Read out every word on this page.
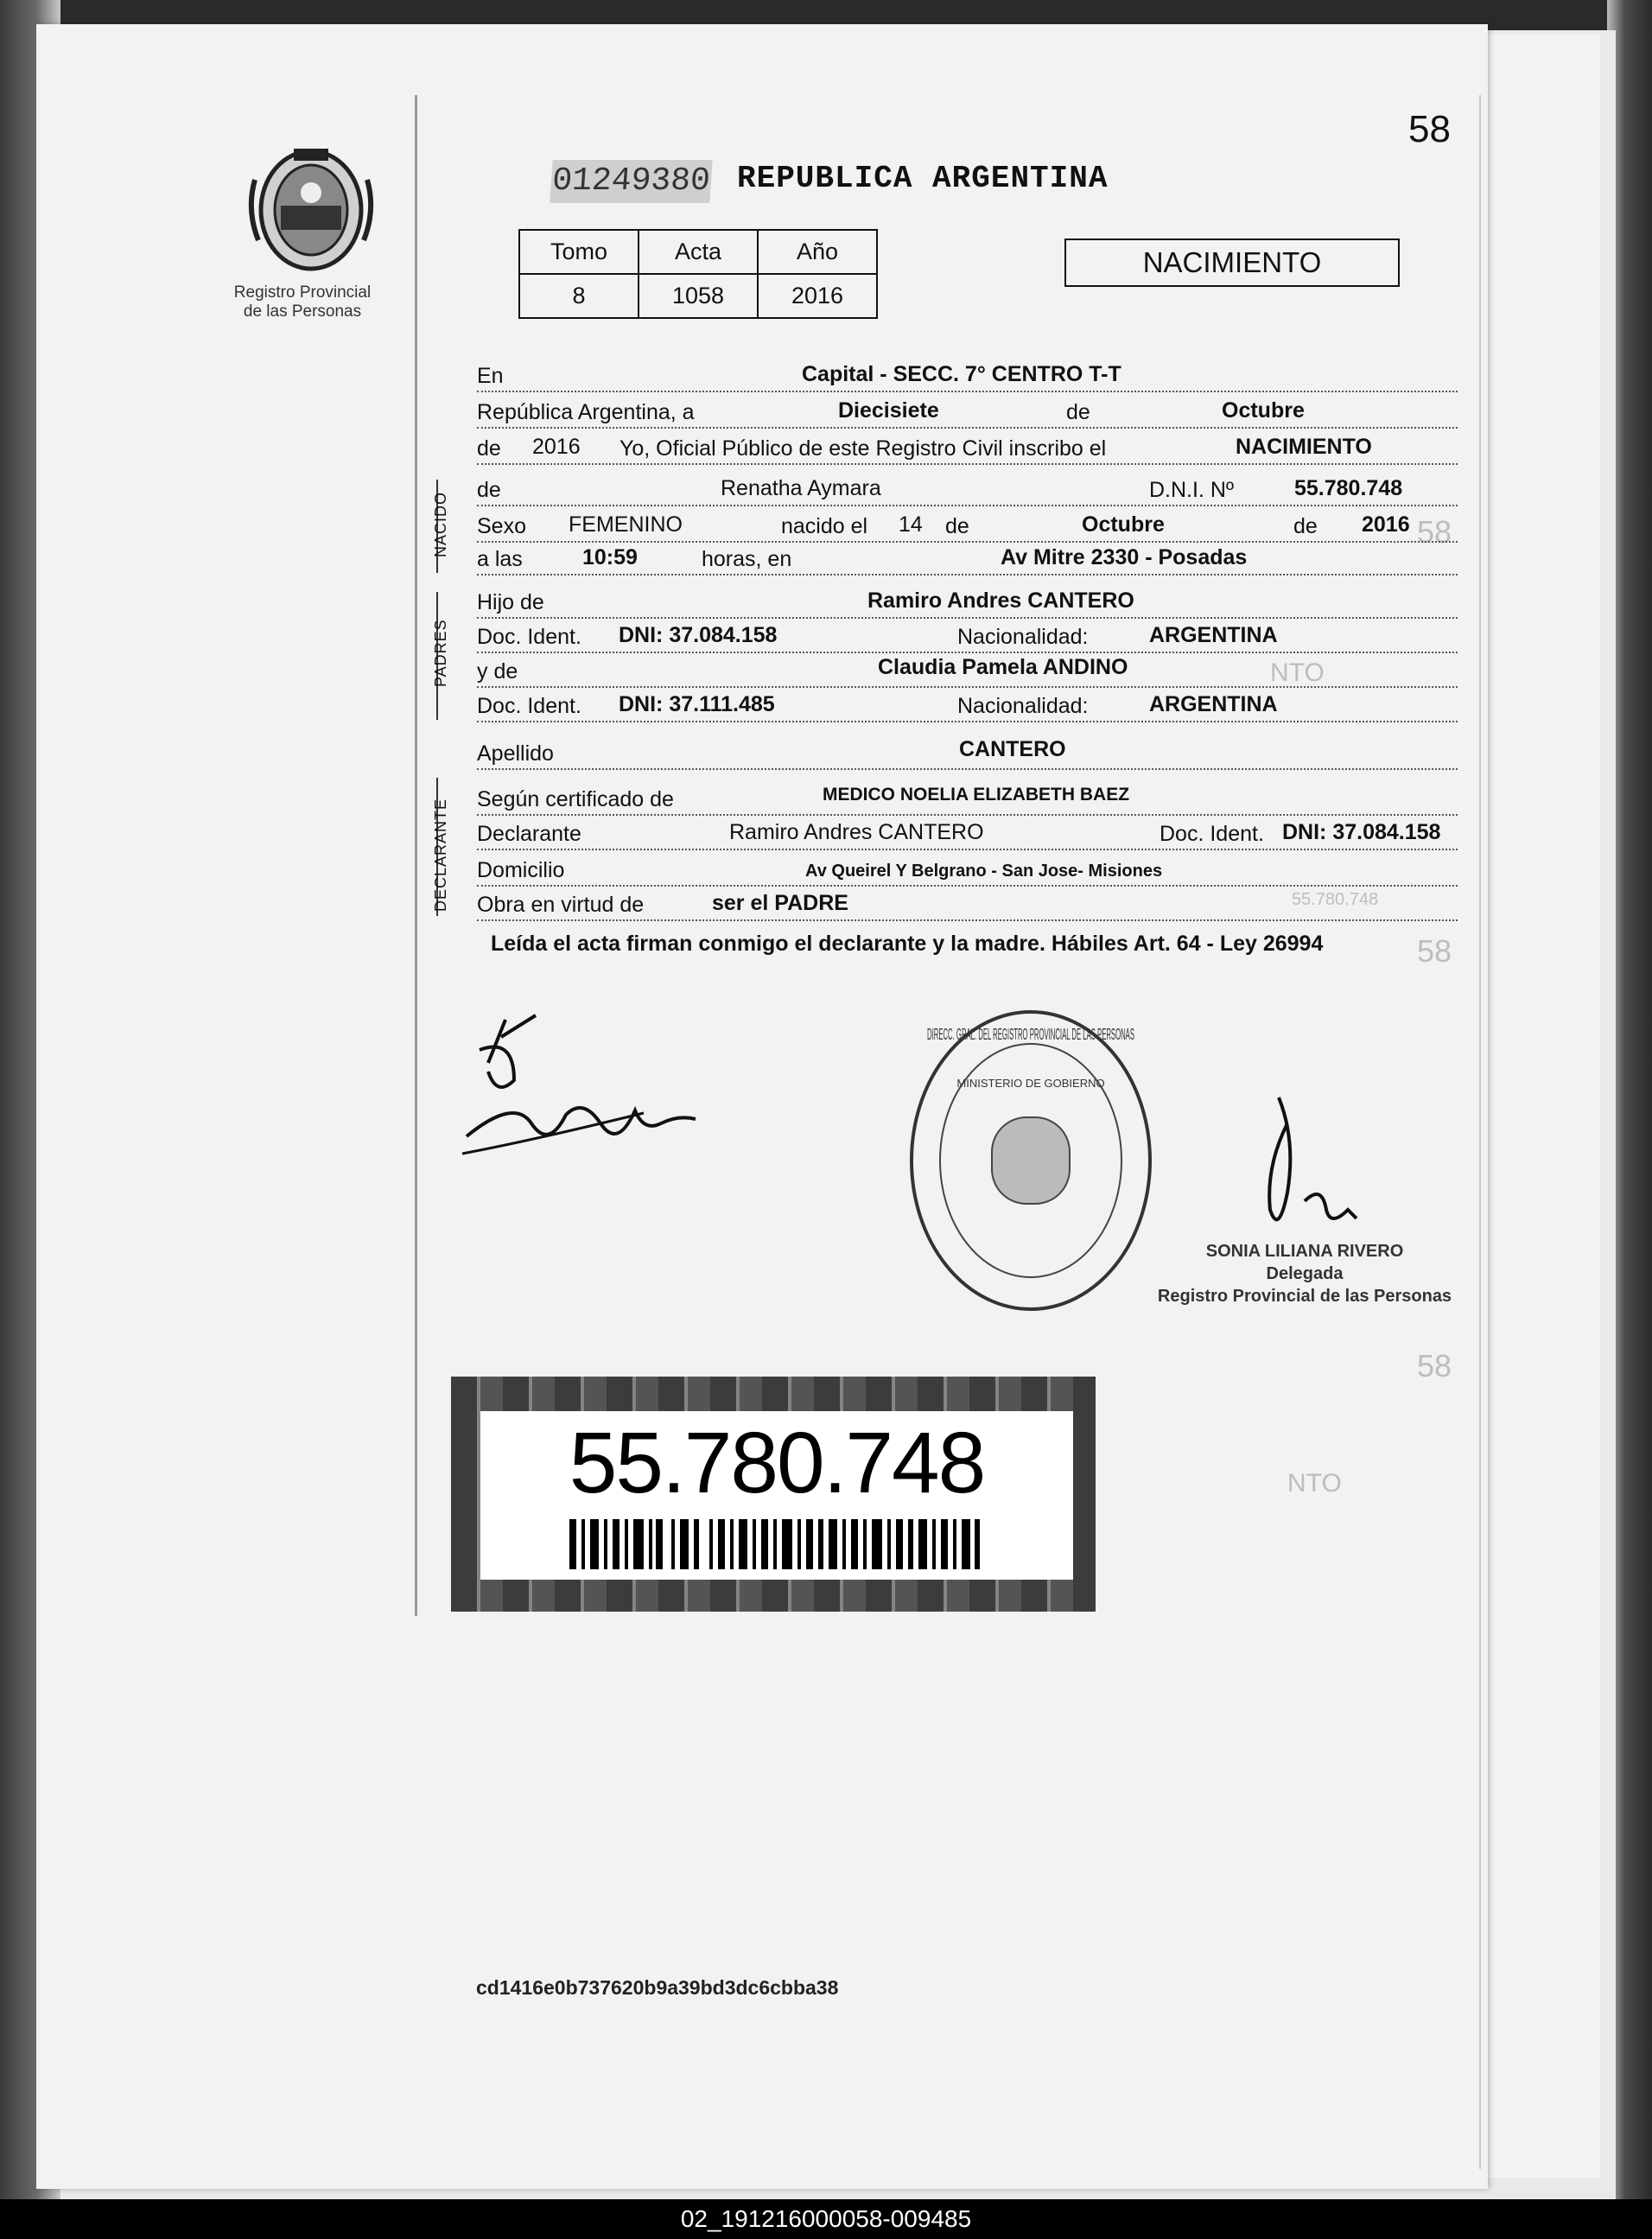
58
58
58
NTO
NTO
55.780.748
58
Registro Provincial
de las Personas
01249380 REPUBLICA ARGENTINA
Tomo	Acta	Año
8	1058	2016
NACIMIENTO
En	Capital - SECC. 7° CENTRO T-T
República Argentina, a	Diecisiete	de	Octubre
de 2016 Yo, Oficial Público de este Registro Civil inscribo el	NACIMIENTO
NACIDO
de	Renatha Aymara	D.N.I. Nº	55.780.748
Sexo FEMENINO	nacido el 14 de	Octubre	de 2016
a las	10:59	horas, en	Av Mitre 2330 - Posadas
PADRES
Hijo de	Ramiro Andres CANTERO
Doc. Ident. DNI: 37.084.158	Nacionalidad:	ARGENTINA
y de	Claudia Pamela ANDINO
Doc. Ident. DNI: 37.111.485	Nacionalidad:	ARGENTINA
Apellido	CANTERO
DECLARANTE Según certificado de	MEDICO NOELIA ELIZABETH BAEZ
Declarante	Ramiro Andres CANTERO	Doc. Ident. DNI: 37.084.158
Domicilio	Av Queirel Y Belgrano - San Jose- Misiones
Obra en virtud de	ser el PADRE
Leída el acta firman conmigo el declarante y la madre. Hábiles Art. 64 - Ley 26994
DIRECC. GRAL. DEL REGISTRO PROVINCIAL DE LAS PERSONAS
MINISTERIO DE GOBIERNO
SONIA LILIANA RIVERO
Delegada
Registro Provincial de las Personas
55.780.748
cd1416e0b737620b9a39bd3dc6cbba38
02_191216000058-009485
